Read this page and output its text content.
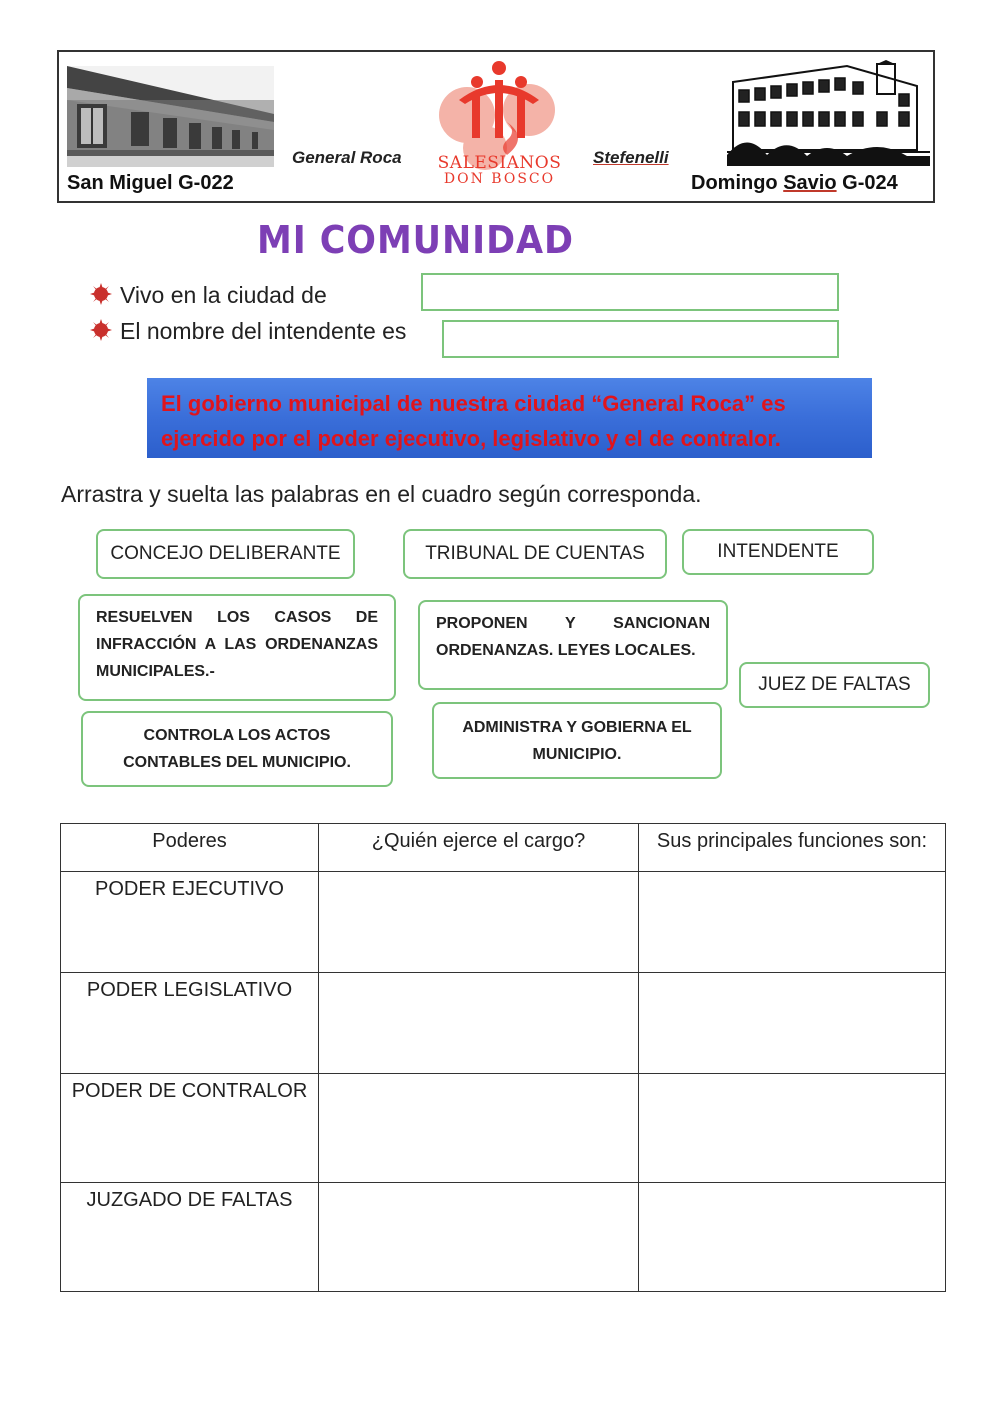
San Miguel G-022
General Roca SALESIANOS
DON BOSCO
Stefenelli
Domingo Savio G-024
MI COMUNIDAD
Vivo en la ciudad de
El nombre del intendente es
El gobierno municipal de nuestra ciudad “General Roca” es ejercido por el poder ejecutivo, legislativo y el de contralor.
Arrastra y suelta las palabras en el cuadro según corresponda.
CONCEJO DELIBERANTE	TRIBUNAL DE CUENTAS	INTENDENTE
RESUELVEN LOS CASOS DE INFRACCIÓN A LAS ORDENANZAS MUNICIPALES.-
PROPONEN Y SANCIONAN ORDENANZAS. LEYES LOCALES.
JUEZ DE FALTAS
CONTROLA LOS ACTOS CONTABLES DEL MUNICIPIO.
ADMINISTRA Y GOBIERNA EL MUNICIPIO.
Poderes	¿Quién ejerce el cargo?	Sus principales funciones son:
PODER EJECUTIVO		
PODER LEGISLATIVO		
PODER DE CONTRALOR		
JUZGADO DE FALTAS		
